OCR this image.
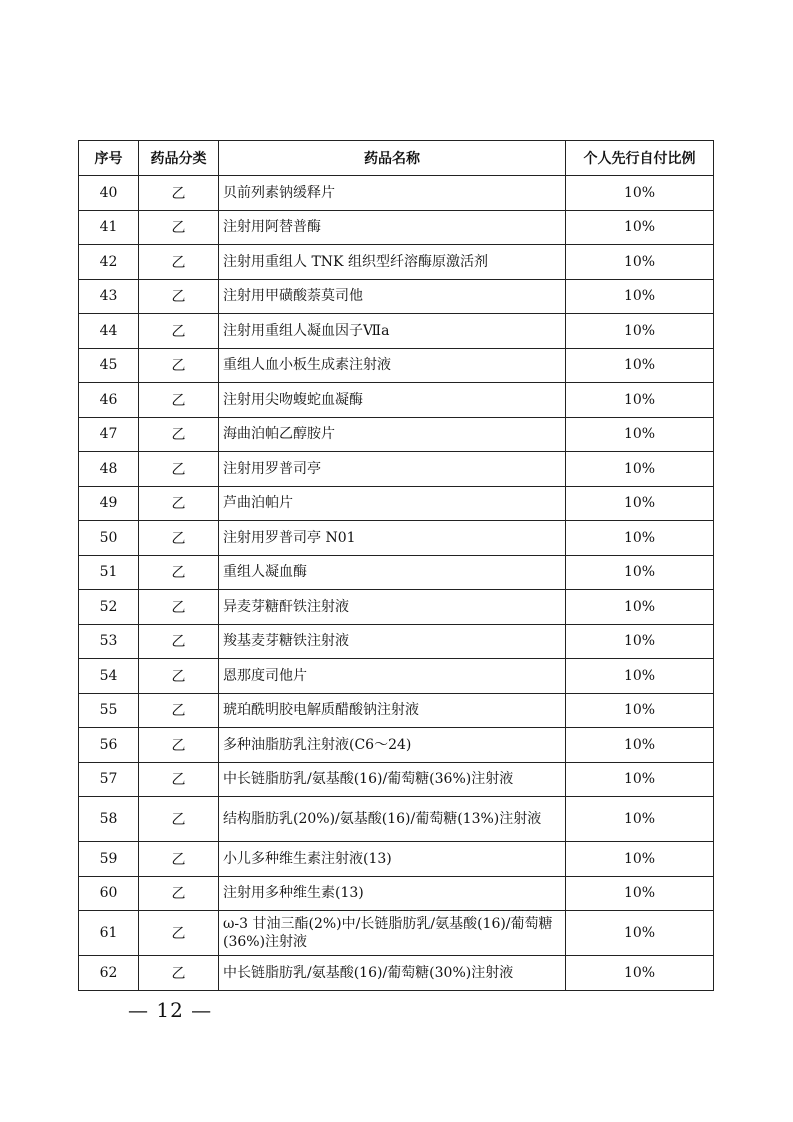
序号	药品分类	药品名称	个人先行自付比例
40	乙	贝前列素钠缓释片	10%
41	乙	注射用阿替普酶	10%
42	乙	注射用重组人 TNK 组织型纤溶酶原激活剂	10%
43	乙	注射用甲磺酸萘莫司他	10%
44	乙	注射用重组人凝血因子Ⅶa	10%
45	乙	重组人血小板生成素注射液	10%
46	乙	注射用尖吻蝮蛇血凝酶	10%
47	乙	海曲泊帕乙醇胺片	10%
48	乙	注射用罗普司亭	10%
49	乙	芦曲泊帕片	10%
50	乙	注射用罗普司亭 N01	10%
51	乙	重组人凝血酶	10%
52	乙	异麦芽糖酐铁注射液	10%
53	乙	羧基麦芽糖铁注射液	10%
54	乙	恩那度司他片	10%
55	乙	琥珀酰明胶电解质醋酸钠注射液	10%
56	乙	多种油脂肪乳注射液(C6～24)	10%
57	乙	中长链脂肪乳/氨基酸(16)/葡萄糖(36%)注射液	10%
58	乙	结构脂肪乳(20%)/氨基酸(16)/葡萄糖(13%)注射液	10%
59	乙	小儿多种维生素注射液(13)	10%
60	乙	注射用多种维生素(13)	10%
61	乙	ω-3 甘油三酯(2%)中/长链脂肪乳/氨基酸(16)/葡萄糖(36%)注射液	10%
62	乙	中长链脂肪乳/氨基酸(16)/葡萄糖(30%)注射液	10%
— 12 —
